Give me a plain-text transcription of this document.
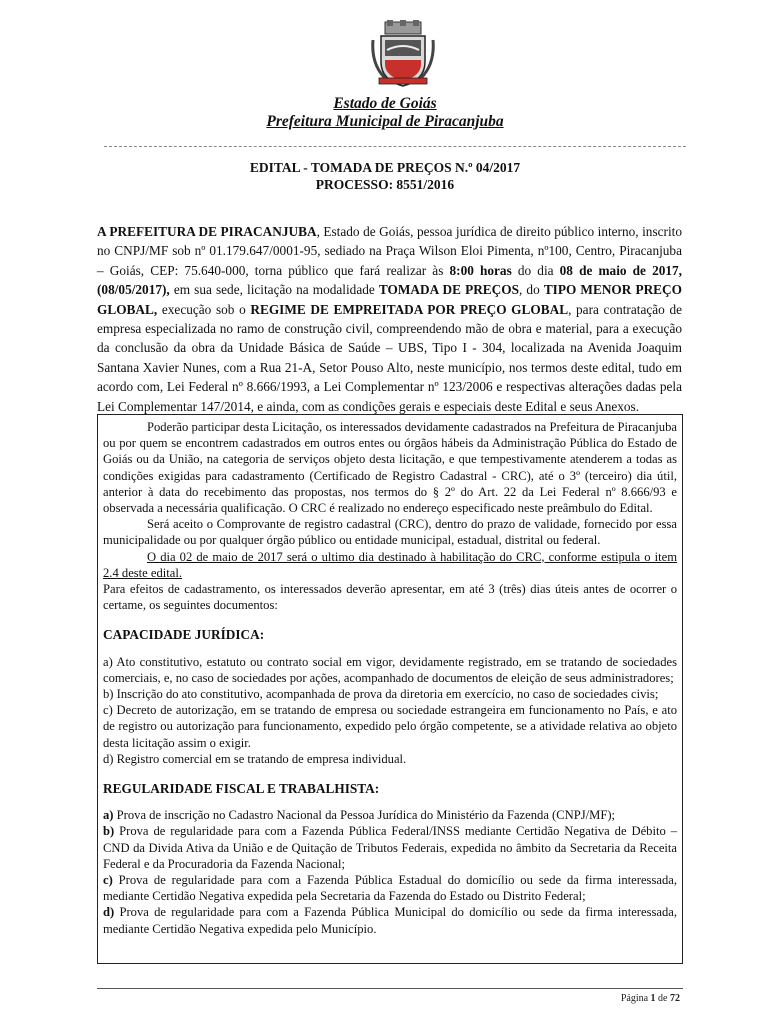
Estado de Goiás
Prefeitura Municipal de Piracanjuba
EDITAL - TOMADA DE PREÇOS N.º 04/2017
PROCESSO: 8551/2016

A PREFEITURA DE PIRACANJUBA, Estado de Goiás, pessoa jurídica de direito público interno, inscrito no CNPJ/MF sob nº 01.179.647/0001-95, sediado na Praça Wilson Eloi Pimenta, nº100, Centro, Piracanjuba – Goiás, CEP: 75.640-000, torna público que fará realizar às 8:00 horas do dia 08 de maio de 2017, (08/05/2017), em sua sede, licitação na modalidade TOMADA DE PREÇOS, do TIPO MENOR PREÇO GLOBAL, execução sob o REGIME DE EMPREITADA POR PREÇO GLOBAL, para contratação de empresa especializada no ramo de construção civil, compreendendo mão de obra e material, para a execução da conclusão da obra da Unidade Básica de Saúde – UBS, Tipo I - 304, localizada na Avenida Joaquim Santana Xavier Nunes, com a Rua 21-A, Setor Pouso Alto, neste município, nos termos deste edital, tudo em acordo com, Lei Federal nº 8.666/1993, a Lei Complementar nº 123/2006 e respectivas alterações dadas pela Lei Complementar 147/2014, e ainda, com as condições gerais e especiais deste Edital e seus Anexos.

Poderão participar desta Licitação, os interessados devidamente cadastrados na Prefeitura de Piracanjuba ou por quem se encontrem cadastrados em outros entes ou órgãos hábeis da Administração Pública do Estado de Goiás ou da União, na categoria de serviços objeto desta licitação, e que tempestivamente atenderem a todas as condições exigidas para cadastramento (Certificado de Registro Cadastral - CRC), até o 3º (terceiro) dia útil, anterior à data do recebimento das propostas, nos termos do § 2º do Art. 22 da Lei Federal nº 8.666/93 e observada a necessária qualificação. O CRC é realizado no endereço especificado neste preâmbulo do Edital.

Será aceito o Comprovante de registro cadastral (CRC), dentro do prazo de validade, fornecido por essa municipalidade ou por qualquer órgão público ou entidade municipal, estadual, distrital ou federal.

O dia 02 de maio de 2017 será o ultimo dia destinado à habilitação do CRC, conforme estipula o item 2.4 deste edital.

Para efeitos de cadastramento, os interessados deverão apresentar, em até 3 (três) dias úteis antes de ocorrer o certame, os seguintes documentos:

CAPACIDADE JURÍDICA:

a) Ato constitutivo, estatuto ou contrato social em vigor, devidamente registrado, em se tratando de sociedades comerciais, e, no caso de sociedades por ações, acompanhado de documentos de eleição de seus administradores;

b) Inscrição do ato constitutivo, acompanhada de prova da diretoria em exercício, no caso de sociedades civis;

c) Decreto de autorização, em se tratando de empresa ou sociedade estrangeira em funcionamento no País, e ato de registro ou autorização para funcionamento, expedido pelo órgão competente, se a atividade relativa ao objeto desta licitação assim o exigir.

d) Registro comercial em se tratando de empresa individual.

REGULARIDADE FISCAL E TRABALHISTA:

a) Prova de inscrição no Cadastro Nacional da Pessoa Jurídica do Ministério da Fazenda (CNPJ/MF);

b) Prova de regularidade para com a Fazenda Pública Federal/INSS mediante Certidão Negativa de Débito – CND da Divida Ativa da União e de Quitação de Tributos Federais, expedida no âmbito da Secretaria da Receita Federal e da Procuradoria da Fazenda Nacional;

c) Prova de regularidade para com a Fazenda Pública Estadual do domicílio ou sede da firma interessada, mediante Certidão Negativa expedida pela Secretaria da Fazenda do Estado ou Distrito Federal;

d) Prova de regularidade para com a Fazenda Pública Municipal do domicílio ou sede da firma interessada, mediante Certidão Negativa expedida pelo Município.

Página 1 de 72
